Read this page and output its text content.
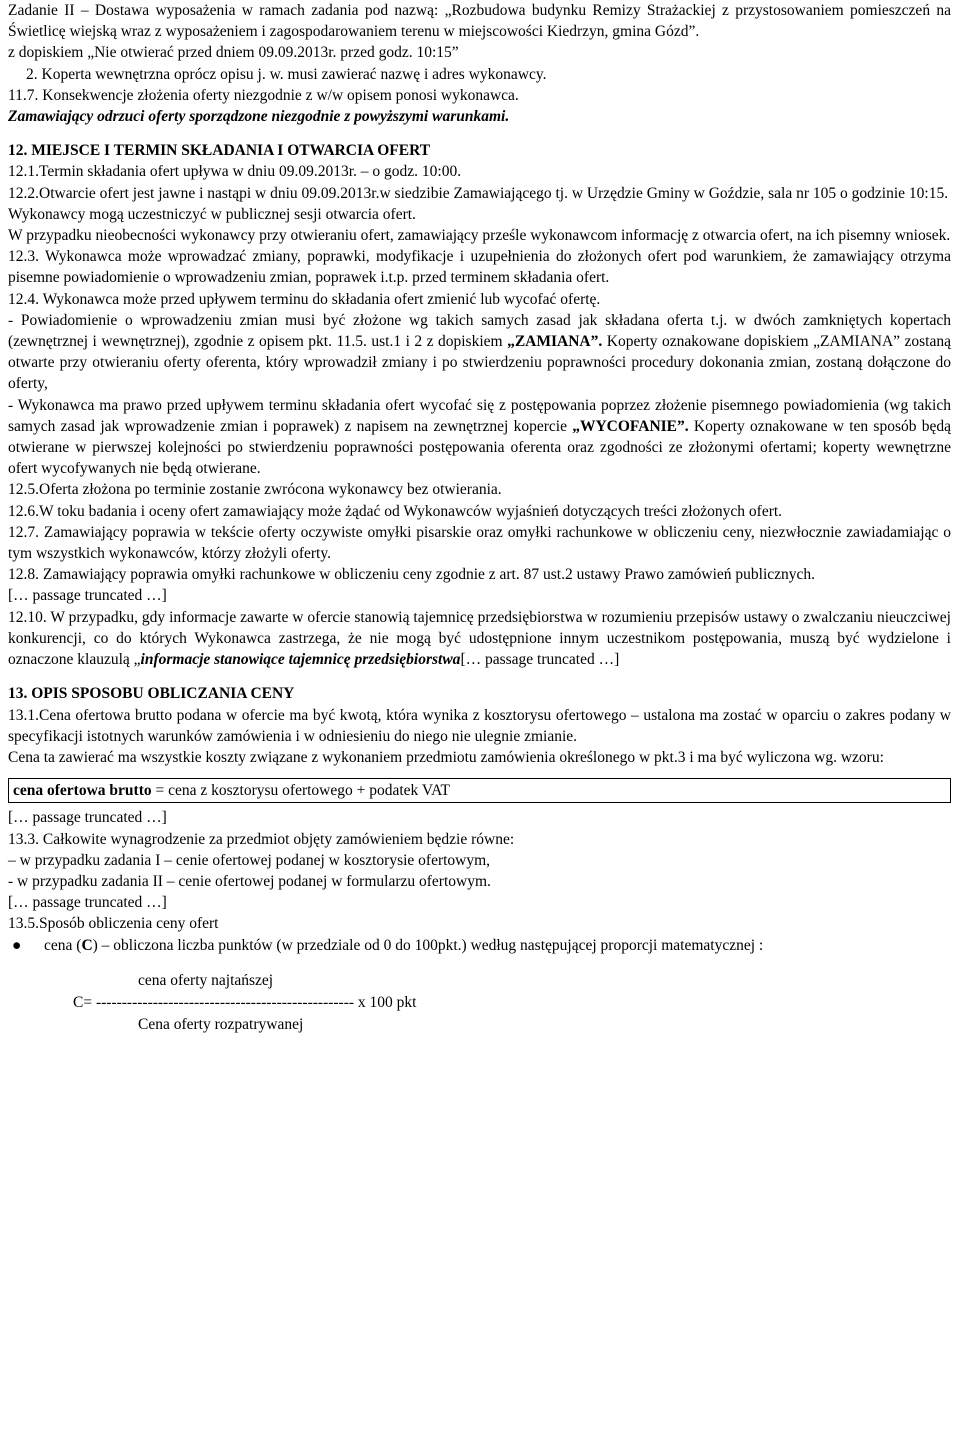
Zadanie II – Dostawa wyposażenia w ramach zadania pod nazwą: „Rozbudowa budynku Remizy Strażackiej z przystosowaniem pomieszczeń na Świetlicę wiejską wraz z wyposażeniem i zagospodarowaniem terenu w miejscowości Kiedrzyn, gmina Gózd”.

z dopiskiem „Nie otwierać przed dniem 09.09.2013r. przed godz. 10:15”

2. Koperta wewnętrzna oprócz opisu j. w. musi zawierać nazwę i adres wykonawcy.

11.7. Konsekwencje złożenia oferty niezgodnie z w/w opisem ponosi wykonawca.

Zamawiający odrzuci oferty sporządzone niezgodnie z powyższymi warunkami.

12. MIEJSCE I TERMIN SKŁADANIA I OTWARCIA OFERT

12.1.Termin składania ofert upływa w dniu 09.09.2013r. – o godz. 10:00.

12.2.Otwarcie ofert jest jawne i nastąpi w dniu 09.09.2013r.w siedzibie Zamawiającego tj. w Urzędzie Gminy w Goździe, sala nr 105 o godzinie 10:15.

Wykonawcy mogą uczestniczyć w publicznej sesji otwarcia ofert.

W przypadku nieobecności wykonawcy przy otwieraniu ofert, zamawiający prześle wykonawcom informację z otwarcia ofert, na ich pisemny wniosek.

12.3. Wykonawca może wprowadzać zmiany, poprawki, modyfikacje i uzupełnienia do złożonych ofert pod warunkiem, że zamawiający otrzyma pisemne powiadomienie o wprowadzeniu zmian, poprawek i.t.p. przed terminem składania ofert.

12.4. Wykonawca może przed upływem terminu do składania ofert zmienić lub wycofać ofertę.

- Powiadomienie o wprowadzeniu zmian musi być złożone wg takich samych zasad jak składana oferta t.j. w dwóch zamkniętych kopertach (zewnętrznej i wewnętrznej), zgodnie z opisem pkt. 11.5. ust.1 i 2 z dopiskiem „ZAMIANA”. Koperty oznakowane dopiskiem „ZAMIANA” zostaną otwarte przy otwieraniu oferty oferenta, który wprowadził zmiany i po stwierdzeniu poprawności procedury dokonania zmian, zostaną dołączone do oferty,

- Wykonawca ma prawo przed upływem terminu składania ofert wycofać się z postępowania poprzez złożenie pisemnego powiadomienia (wg takich samych zasad jak wprowadzenie zmian i poprawek) z napisem na zewnętrznej kopercie „WYCOFANIE”. Koperty oznakowane w ten sposób będą otwierane w pierwszej kolejności po stwierdzeniu poprawności postępowania oferenta oraz zgodności ze złożonymi ofertami; koperty wewnętrzne ofert wycofywanych nie będą otwierane.

12.5.Oferta złożona po terminie zostanie zwrócona wykonawcy bez otwierania.

12.6.W toku badania i oceny ofert zamawiający może żądać od Wykonawców wyjaśnień dotyczących treści złożonych ofert.

12.7. Zamawiający poprawia w tekście oferty oczywiste omyłki pisarskie oraz omyłki rachunkowe w obliczeniu ceny, niezwłocznie zawiadamiając o tym wszystkich wykonawców, którzy złożyli oferty.

12.8. Zamawiający poprawia omyłki rachunkowe w obliczeniu ceny zgodnie z art. 87 ust.2 ustawy Prawo zamówień publicznych.

[… passage truncated …]

12.10. W przypadku, gdy informacje zawarte w ofercie stanowią tajemnicę przedsiębiorstwa w rozumieniu przepisów ustawy o zwalczaniu nieuczciwej konkurencji, co do których Wykonawca zastrzega, że nie mogą być udostępnione innym uczestnikom postępowania, muszą być wydzielone i oznaczone klauzulą „informacje stanowiące tajemnicę przedsiębiorstwa[… passage truncated …]

13. OPIS SPOSOBU OBLICZANIA CENY

13.1.Cena ofertowa brutto podana w ofercie ma być kwotą, która wynika z kosztorysu ofertowego – ustalona ma zostać w oparciu o zakres podany w specyfikacji istotnych warunków zamówienia i w odniesieniu do niego nie ulegnie zmianie.

Cena ta zawierać ma wszystkie koszty związane z wykonaniem przedmiotu zamówienia określonego w pkt.3 i ma być wyliczona wg. wzoru:

cena ofertowa brutto = cena z kosztorysu ofertowego + podatek VAT

[… passage truncated …]

13.3. Całkowite wynagrodzenie za przedmiot objęty zamówieniem będzie równe:

– w przypadku zadania I – cenie ofertowej podanej w kosztorysie ofertowym,

- w przypadku zadania II – cenie ofertowej podanej w formularzu ofertowym.

[… passage truncated …]

13.5.Sposób obliczenia ceny ofert

●	cena (C) – obliczona liczba punktów (w przedziale od 0 do 100pkt.) według następującej proporcji matematycznej :
cena oferty najtańszej
C= -------------------------------------------------- x 100 pkt
Cena oferty rozpatrywanej
